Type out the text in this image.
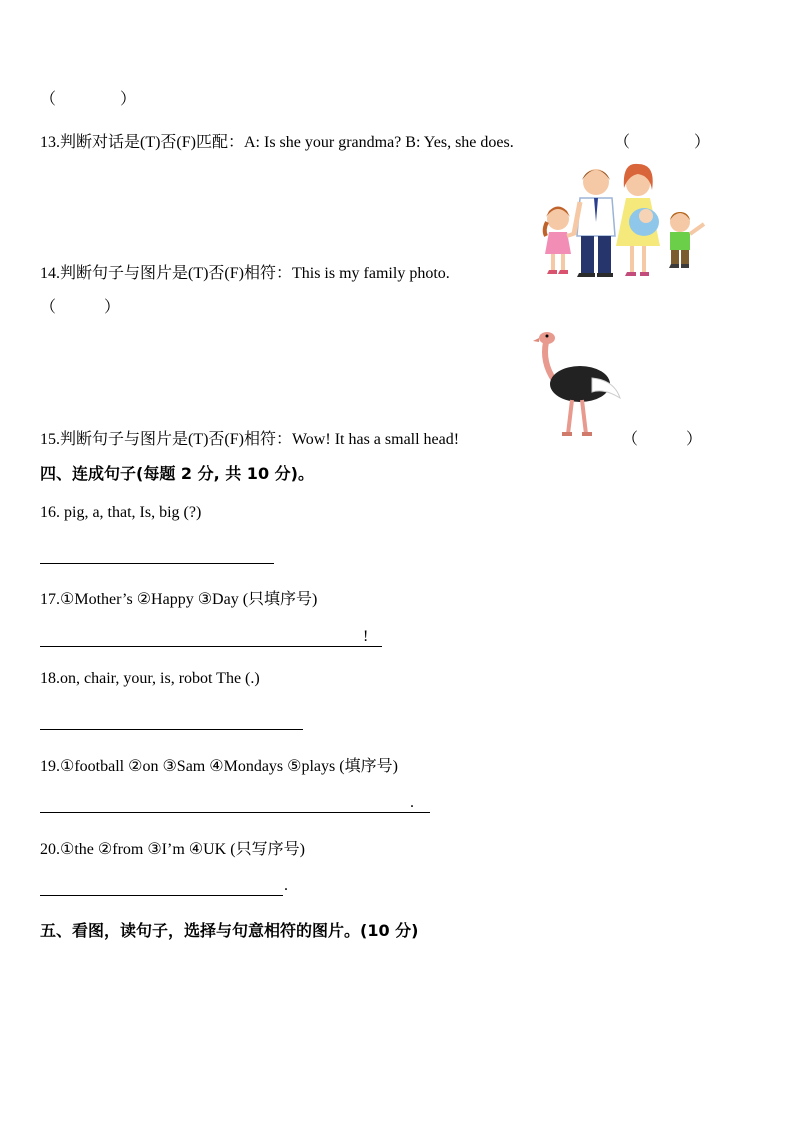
（　　　　）
13.判断对话是(T)否(F)匹配：A: Is she your grandma? B: Yes, she does.	（　　　　）
14.判断句子与图片是(T)否(F)相符：This is my family photo.
（　　　）
15.判断句子与图片是(T)否(F)相符：Wow! It has a small head!	（　　　）
四、连成句子(每题 2 分, 共 10 分)。
16. pig, a, that, Is, big (?)
17.①Mother’s ②Happy ③Day (只填序号)
!
18.on, chair, your, is, robot The (.)
19.①football ②on ③Sam ④Mondays ⑤plays (填序号)
.
20.①the ②from ③I’m ④UK (只写序号)
.
五、看图，读句子，选择与句意相符的图片。(10 分)
